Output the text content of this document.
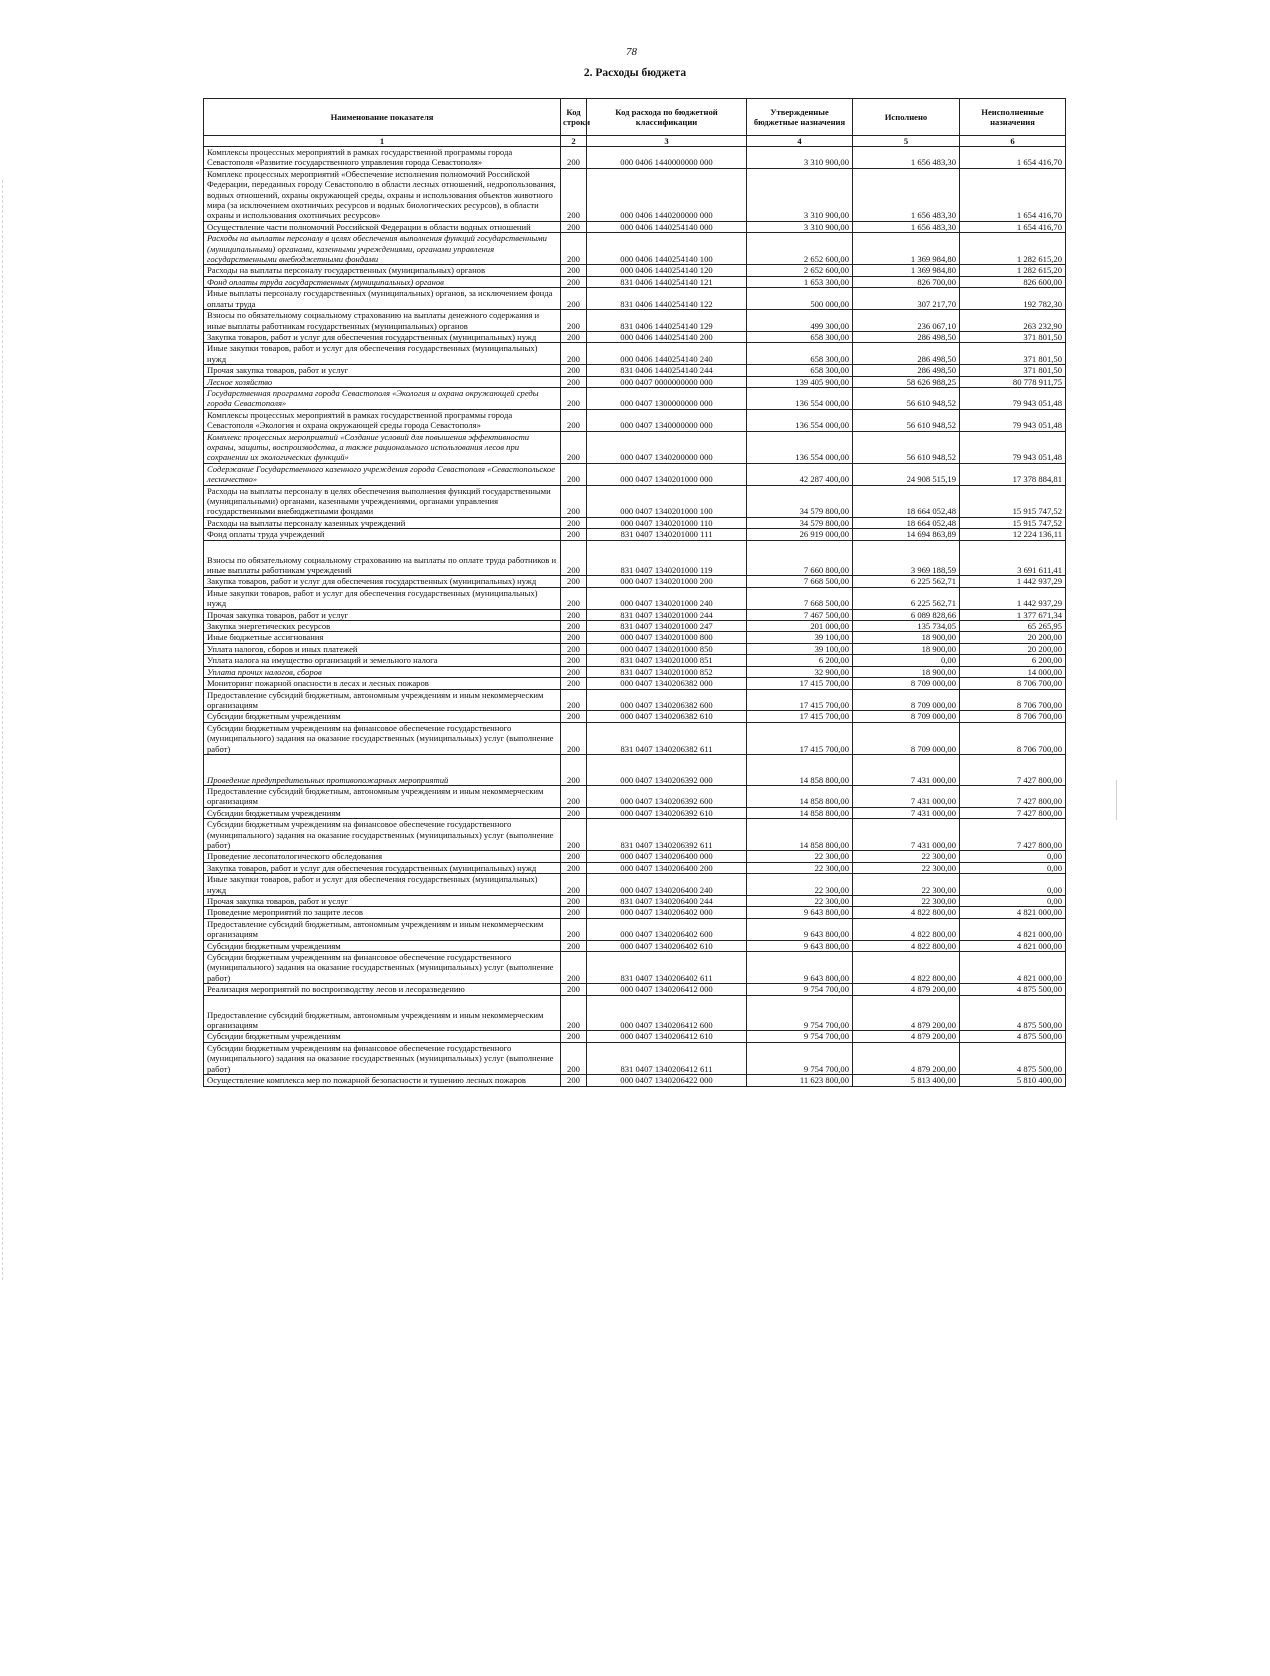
78
2. Расходы бюджета
Наименование показателя	Код строки	Код расхода по бюджетной классификации	Утвержденные бюджетные назначения	Исполнено	Неисполненные назначения
1	2	3	4	5	6
Комплексы процессных мероприятий в рамках государственной программы города Севастополя «Развитие государственного управления города Севастополя»	200	000 0406 1440000000 000	3 310 900,00	1 656 483,30	1 654 416,70
Комплекс процессных мероприятий «Обеспечение исполнения полномочий Российской Федерации, переданных городу Севастополю в области лесных отношений, недропользования, водных отношений, охраны окружающей среды, охраны и использования объектов животного мира (за исключением охотничьих ресурсов и водных биологических ресурсов), в области охраны и использования охотничьих ресурсов»	200	000 0406 1440200000 000	3 310 900,00	1 656 483,30	1 654 416,70
Осуществление части полномочий Российской Федерации в области водных отношений	200	000 0406 1440254140 000	3 310 900,00	1 656 483,30	1 654 416,70
Расходы на выплаты персоналу в целях обеспечения выполнения функций государственными (муниципальными) органами, казенными учреждениями, органами управления государственными внебюджетными фондами	200	000 0406 1440254140 100	2 652 600,00	1 369 984,80	1 282 615,20
Расходы на выплаты персоналу государственных (муниципальных) органов	200	000 0406 1440254140 120	2 652 600,00	1 369 984,80	1 282 615,20
Фонд оплаты труда государственных (муниципальных) органов	200	831 0406 1440254140 121	1 653 300,00	826 700,00	826 600,00
Иные выплаты персоналу государственных (муниципальных) органов, за исключением фонда оплаты труда	200	831 0406 1440254140 122	500 000,00	307 217,70	192 782,30
Взносы по обязательному социальному страхованию на выплаты денежного содержания и иные выплаты работникам государственных (муниципальных) органов	200	831 0406 1440254140 129	499 300,00	236 067,10	263 232,90
Закупка товаров, работ и услуг для обеспечения государственных (муниципальных) нужд	200	000 0406 1440254140 200	658 300,00	286 498,50	371 801,50
Иные закупки товаров, работ и услуг для обеспечения государственных (муниципальных) нужд	200	000 0406 1440254140 240	658 300,00	286 498,50	371 801,50
Прочая закупка товаров, работ и услуг	200	831 0406 1440254140 244	658 300,00	286 498,50	371 801,50
Лесное хозяйство	200	000 0407 0000000000 000	139 405 900,00	58 626 988,25	80 778 911,75
Государственная программа города Севастополя «Экология и охрана окружающей среды города Севастополя»	200	000 0407 1300000000 000	136 554 000,00	56 610 948,52	79 943 051,48
Комплексы процессных мероприятий в рамках государственной программы города Севастополя «Экология и охрана окружающей среды города Севастополя»	200	000 0407 1340000000 000	136 554 000,00	56 610 948,52	79 943 051,48
Комплекс процессных мероприятий «Создание условий для повышения эффективности охраны, защиты, воспроизводства, а также рационального использования лесов при сохранении их экологических функций»	200	000 0407 1340200000 000	136 554 000,00	56 610 948,52	79 943 051,48
Содержание Государственного казенного учреждения города Севастополя «Севастопольское лесничество»	200	000 0407 1340201000 000	42 287 400,00	24 908 515,19	17 378 884,81
Расходы на выплаты персоналу в целях обеспечения выполнения функций государственными (муниципальными) органами, казенными учреждениями, органами управления государственными внебюджетными фондами	200	000 0407 1340201000 100	34 579 800,00	18 664 052,48	15 915 747,52
Расходы на выплаты персоналу казенных учреждений	200	000 0407 1340201000 110	34 579 800,00	18 664 052,48	15 915 747,52
Фонд оплаты труда учреждений	200	831 0407 1340201000 111	26 919 000,00	14 694 863,89	12 224 136,11
Взносы по обязательному социальному страхованию на выплаты по оплате труда работников и иные выплаты работникам учреждений	200	831 0407 1340201000 119	7 660 800,00	3 969 188,59	3 691 611,41
Закупка товаров, работ и услуг для обеспечения государственных (муниципальных) нужд	200	000 0407 1340201000 200	7 668 500,00	6 225 562,71	1 442 937,29
Иные закупки товаров, работ и услуг для обеспечения государственных (муниципальных) нужд	200	000 0407 1340201000 240	7 668 500,00	6 225 562,71	1 442 937,29
Прочая закупка товаров, работ и услуг	200	831 0407 1340201000 244	7 467 500,00	6 089 828,66	1 377 671,34
Закупка энергетических ресурсов	200	831 0407 1340201000 247	201 000,00	135 734,05	65 265,95
Иные бюджетные ассигнования	200	000 0407 1340201000 800	39 100,00	18 900,00	20 200,00
Уплата налогов, сборов и иных платежей	200	000 0407 1340201000 850	39 100,00	18 900,00	20 200,00
Уплата налога на имущество организаций и земельного налога	200	831 0407 1340201000 851	6 200,00	0,00	6 200,00
Уплата прочих налогов, сборов	200	831 0407 1340201000 852	32 900,00	18 900,00	14 000,00
Мониторинг пожарной опасности в лесах и лесных пожаров	200	000 0407 1340206382 000	17 415 700,00	8 709 000,00	8 706 700,00
Предоставление субсидий бюджетным, автономным учреждениям и иным некоммерческим организациям	200	000 0407 1340206382 600	17 415 700,00	8 709 000,00	8 706 700,00
Субсидии бюджетным учреждениям	200	000 0407 1340206382 610	17 415 700,00	8 709 000,00	8 706 700,00
Субсидии бюджетным учреждениям на финансовое обеспечение государственного (муниципального) задания на оказание государственных (муниципальных) услуг (выполнение работ)	200	831 0407 1340206382 611	17 415 700,00	8 709 000,00	8 706 700,00
Проведение предупредительных противопожарных мероприятий	200	000 0407 1340206392 000	14 858 800,00	7 431 000,00	7 427 800,00
Предоставление субсидий бюджетным, автономным учреждениям и иным некоммерческим организациям	200	000 0407 1340206392 600	14 858 800,00	7 431 000,00	7 427 800,00
Субсидии бюджетным учреждениям	200	000 0407 1340206392 610	14 858 800,00	7 431 000,00	7 427 800,00
Субсидии бюджетным учреждениям на финансовое обеспечение государственного (муниципального) задания на оказание государственных (муниципальных) услуг (выполнение работ)	200	831 0407 1340206392 611	14 858 800,00	7 431 000,00	7 427 800,00
Проведение лесопатологического обследования	200	000 0407 1340206400 000	22 300,00	22 300,00	0,00
Закупка товаров, работ и услуг для обеспечения государственных (муниципальных) нужд	200	000 0407 1340206400 200	22 300,00	22 300,00	0,00
Иные закупки товаров, работ и услуг для обеспечения государственных (муниципальных) нужд	200	000 0407 1340206400 240	22 300,00	22 300,00	0,00
Прочая закупка товаров, работ и услуг	200	831 0407 1340206400 244	22 300,00	22 300,00	0,00
Проведение мероприятий по защите лесов	200	000 0407 1340206402 000	9 643 800,00	4 822 800,00	4 821 000,00
Предоставление субсидий бюджетным, автономным учреждениям и иным некоммерческим организациям	200	000 0407 1340206402 600	9 643 800,00	4 822 800,00	4 821 000,00
Субсидии бюджетным учреждениям	200	000 0407 1340206402 610	9 643 800,00	4 822 800,00	4 821 000,00
Субсидии бюджетным учреждениям на финансовое обеспечение государственного (муниципального) задания на оказание государственных (муниципальных) услуг (выполнение работ)	200	831 0407 1340206402 611	9 643 800,00	4 822 800,00	4 821 000,00
Реализация мероприятий по воспроизводству лесов и лесоразведению	200	000 0407 1340206412 000	9 754 700,00	4 879 200,00	4 875 500,00
Предоставление субсидий бюджетным, автономным учреждениям и иным некоммерческим организациям	200	000 0407 1340206412 600	9 754 700,00	4 879 200,00	4 875 500,00
Субсидии бюджетным учреждениям	200	000 0407 1340206412 610	9 754 700,00	4 879 200,00	4 875 500,00
Субсидии бюджетным учреждениям на финансовое обеспечение государственного (муниципального) задания на оказание государственных (муниципальных) услуг (выполнение работ)	200	831 0407 1340206412 611	9 754 700,00	4 879 200,00	4 875 500,00
Осуществление комплекса мер по пожарной безопасности и тушению лесных пожаров	200	000 0407 1340206422 000	11 623 800,00	5 813 400,00	5 810 400,00
